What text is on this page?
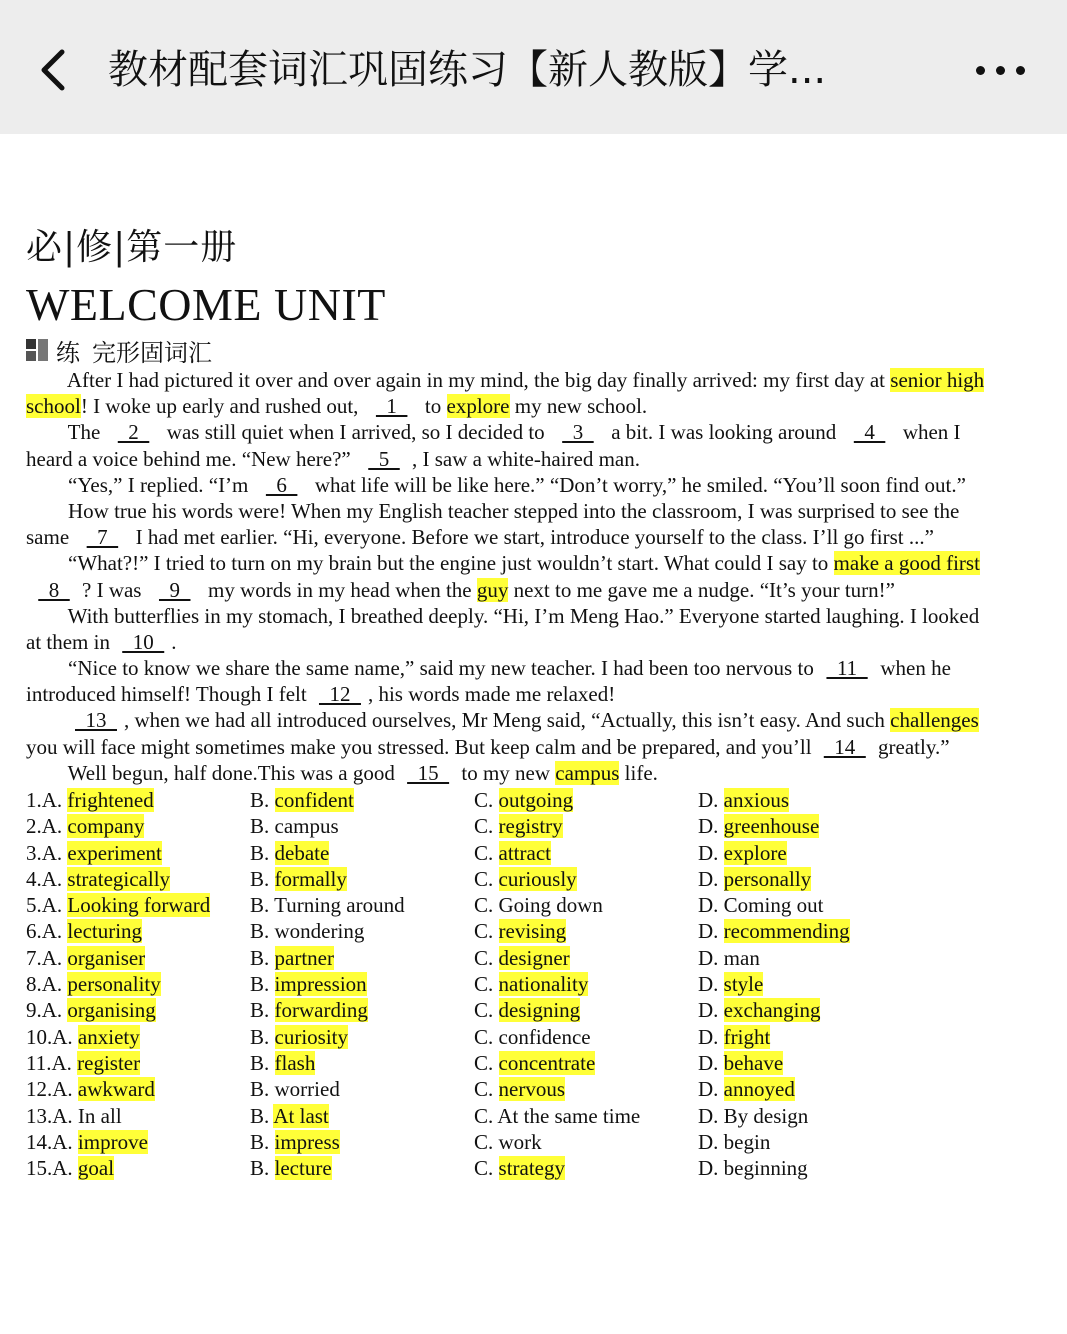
教材配套词汇巩固练习【新人教版】学...
必|修|第一册
WELCOME UNIT
练 完形固词汇
After I had pictured it over and over again in my mind, the big day finally arrived: my first day at senior high
school! I woke up early and rushed out,   1   to explore my new school.
The   2   was still quiet when I arrived, so I decided to   3   a bit. I was looking around   4   when I
heard a voice behind me. “New here?”   5  , I saw a white-haired man.
“Yes,” I replied. “I’m   6   what life will be like here.” “Don’t worry,” he smiled. “You’ll soon find out.”
How true his words were! When my English teacher stepped into the classroom, I was surprised to see the
same   7   I had met earlier. “Hi, everyone. Before we start, introduce yourself to the class. I’ll go first ...”
“What?!” I tried to turn on my brain but the engine just wouldn’t start. What could I say to make a good first
8  ? I was   9   my words in my head when the guy next to me gave me a nudge. “It’s your turn!”
With butterflies in my stomach, I breathed deeply. “Hi, I’m Meng Hao.” Everyone started laughing. I looked
at them in   10  .
“Nice to know we share the same name,” said my new teacher. I had been too nervous to   11   when he
introduced himself! Though I felt   12  , his words made me relaxed!
13  , when we had all introduced ourselves, Mr Meng said, “Actually, this isn’t easy. And such challenges
you will face might sometimes make you stressed. But keep calm and be prepared, and you’ll   14   greatly.”
Well begun, half done.This was a good   15   to my new campus life.
1.A. frightened	B. confident	C. outgoing	D. anxious
2.A. company	B. campus	C. registry	D. greenhouse
3.A. experiment	B. debate	C. attract	D. explore
4.A. strategically	B. formally	C. curiously	D. personally
5.A. Looking forward B. Turning around	C. Going down	D. Coming out
6.A. lecturing	B. wondering	C. revising	D. recommending
7.A. organiser	B. partner	C. designer	D. man
8.A. personality	B. impression	C. nationality	D. style
9.A. organising	B. forwarding	C. designing	D. exchanging
10.A. anxiety	B. curiosity	C. confidence	D. fright
11.A. register	B. flash	C. concentrate	D. behave
12.A. awkward	B. worried	C. nervous	D. annoyed
13.A. In all	B. At last	C. At the same time	D. By design
14.A. improve	B. impress	C. work	D. begin
15.A. goal	B. lecture	C. strategy	D. beginning
